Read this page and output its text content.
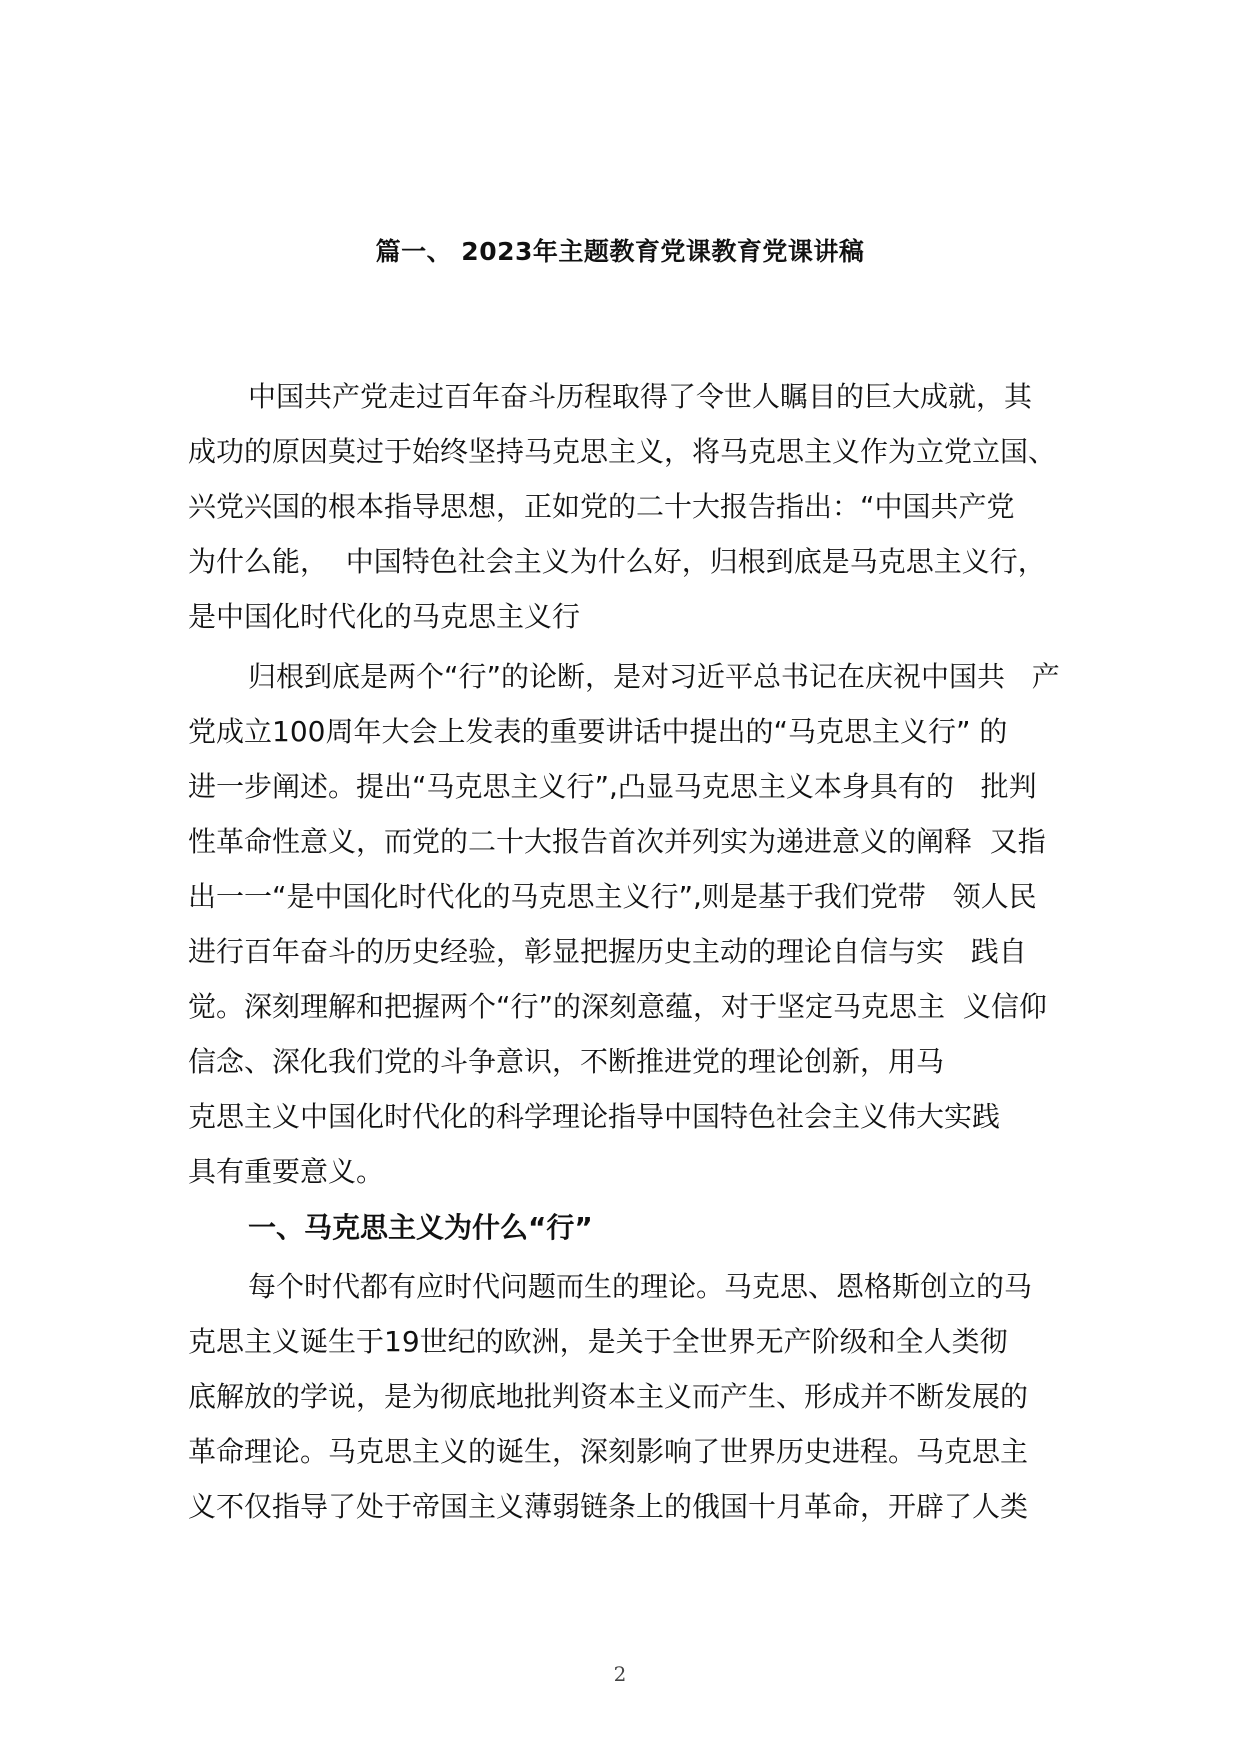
篇一、 2023年主题教育党课教育党课讲稿
中国共产党走过百年奋斗历程取得了令世人瞩目的巨大成就，其
成功的原因莫过于始终坚持马克思主义，将马克思主义作为立党立国、
兴党兴国的根本指导思想，正如党的二十大报告指出：“中国共产党
为什么能，  中国特色社会主义为什么好，归根到底是马克思主义行，
是中国化时代化的马克思主义行
归根到底是两个“行”的论断，是对习近平总书记在庆祝中国共   产
党成立100周年大会上发表的重要讲话中提出的“马克思主义行” 的
进一步阐述。提出“马克思主义行”,凸显马克思主义本身具有的   批判
性革命性意义，而党的二十大报告首次并列实为递进意义的阐释  又指
出一一“是中国化时代化的马克思主义行”,则是基于我们党带   领人民
进行百年奋斗的历史经验，彰显把握历史主动的理论自信与实   践自
觉。深刻理解和把握两个“行”的深刻意蕴，对于坚定马克思主  义信仰
信念、深化我们党的斗争意识，不断推进党的理论创新，用马
克思主义中国化时代化的科学理论指导中国特色社会主义伟大实践
具有重要意义。
一、马克思主义为什么“行”
每个时代都有应时代问题而生的理论。马克思、恩格斯创立的马
克思主义诞生于19世纪的欧洲，是关于全世界无产阶级和全人类彻
底解放的学说，是为彻底地批判资本主义而产生、形成并不断发展的
革命理论。马克思主义的诞生，深刻影响了世界历史进程。马克思主
义不仅指导了处于帝国主义薄弱链条上的俄国十月革命，开辟了人类
2
